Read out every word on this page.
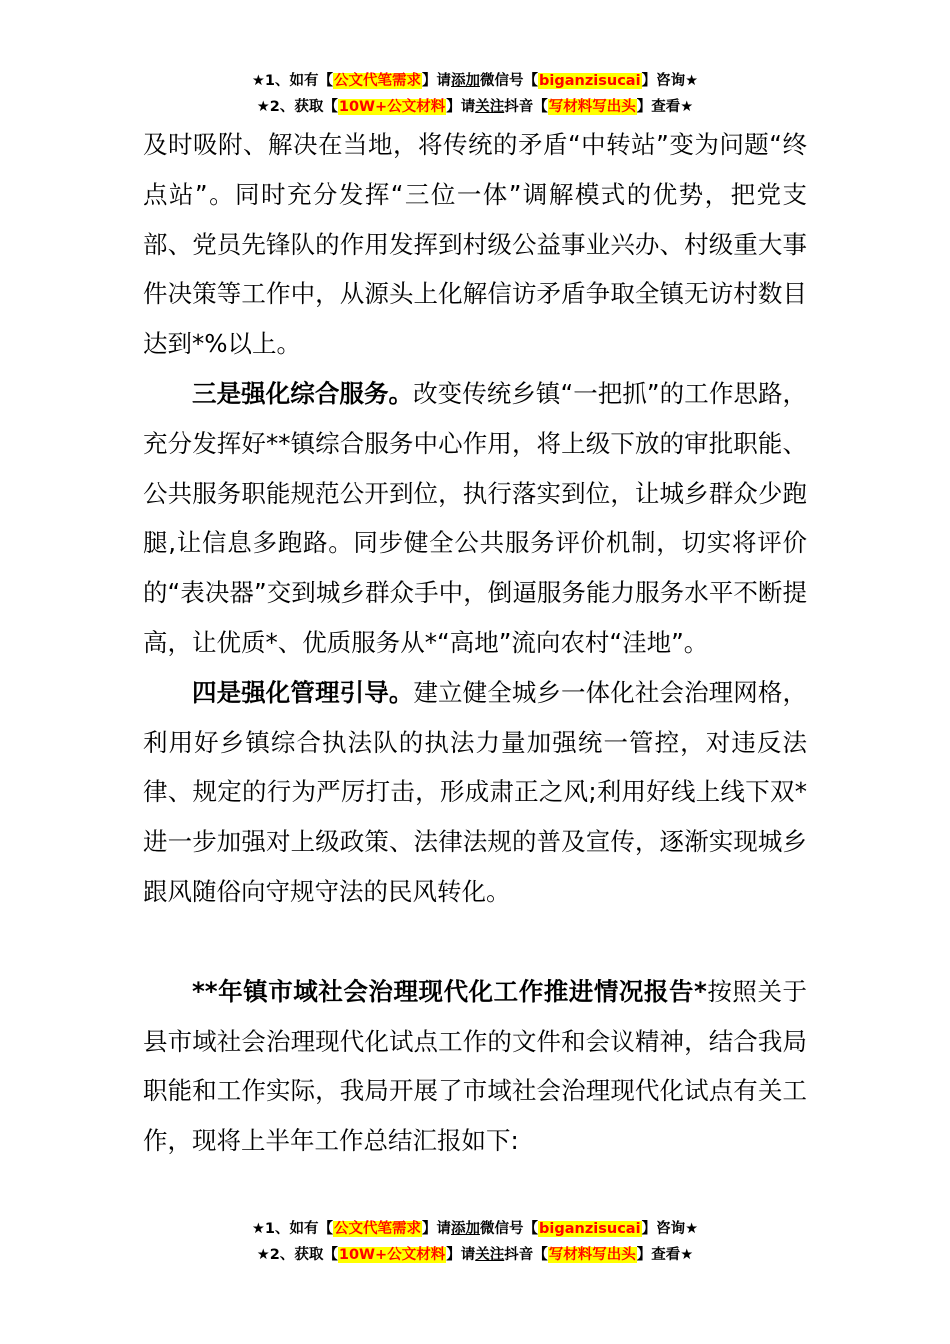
★1、如有【公文代笔需求】请添加微信号【biganzisucai】咨询★
★2、获取【10W+公文材料】请关注抖音【写材料写出头】查看★

及时吸附、解决在当地，将传统的矛盾“中转站”变为问题“终点站”。同时充分发挥“三位一体”调解模式的优势，把党支部、党员先锋队的作用发挥到村级公益事业兴办、村级重大事件决策等工作中，从源头上化解信访矛盾争取全镇无访村数目达到*%以上。

三是强化综合服务。改变传统乡镇“一把抓”的工作思路，充分发挥好**镇综合服务中心作用，将上级下放的审批职能、公共服务职能规范公开到位，执行落实到位，让城乡群众少跑腿,让信息多跑路。同步健全公共服务评价机制，切实将评价的“表决器”交到城乡群众手中，倒逼服务能力服务水平不断提高，让优质*、优质服务从*“高地”流向农村“洼地”。

四是强化管理引导。建立健全城乡一体化社会治理网格，利用好乡镇综合执法队的执法力量加强统一管控，对违反法律、规定的行为严厉打击，形成肃正之风;利用好线上线下双*进一步加强对上级政策、法律法规的普及宣传，逐渐实现城乡跟风随俗向守规守法的民风转化。

**年镇市域社会治理现代化工作推进情况报告*按照关于县市域社会治理现代化试点工作的文件和会议精神，结合我局职能和工作实际，我局开展了市域社会治理现代化试点有关工作，现将上半年工作总结汇报如下:

★1、如有【公文代笔需求】请添加微信号【biganzisucai】咨询★
★2、获取【10W+公文材料】请关注抖音【写材料写出头】查看★
